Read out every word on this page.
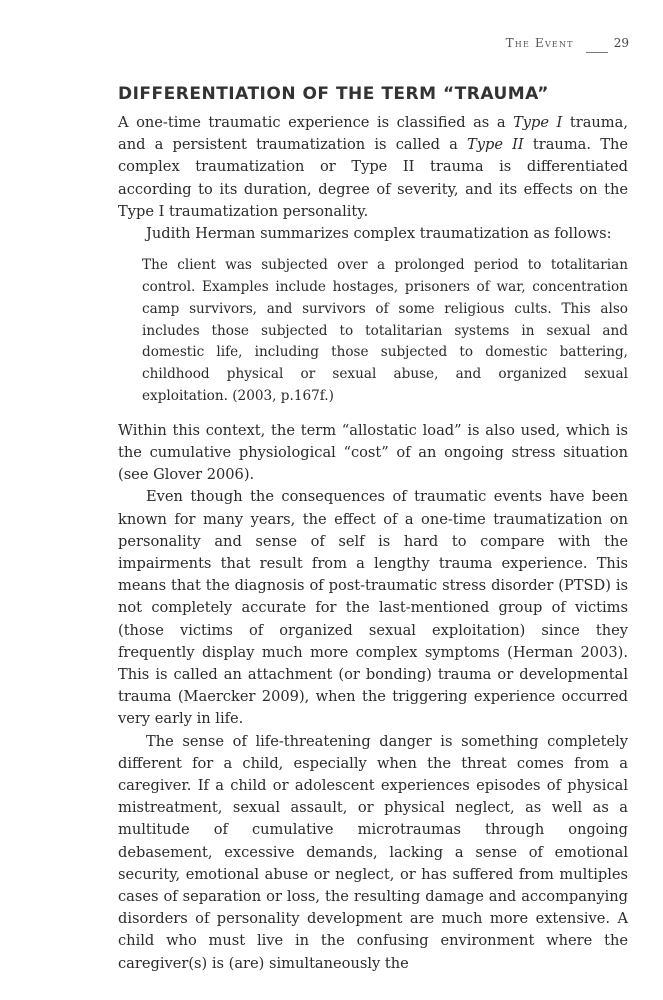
The Event	29
DIFFERENTIATION OF THE TERM “TRAUMA”

A one-time traumatic experience is classified as a Type I trauma, and a persistent traumatization is called a Type II trauma. The complex traumatization or Type II trauma is differentiated according to its duration, degree of severity, and its effects on the Type I traumatization personality.

Judith Herman summarizes complex traumatization as follows:

The client was subjected over a prolonged period to totalitarian control. Examples include hostages, prisoners of war, concentration camp survivors, and survivors of some religious cults. This also includes those subjected to totalitarian systems in sexual and domestic life, including those subjected to domestic battering, childhood physical or sexual abuse, and organized sexual exploitation. (2003, p.167f.)

Within this context, the term “allostatic load” is also used, which is the cumulative physiological “cost” of an ongoing stress situation (see Glover 2006).

Even though the consequences of traumatic events have been known for many years, the effect of a one-time traumatization on personality and sense of self is hard to compare with the impairments that result from a lengthy trauma experience. This means that the diagnosis of post-traumatic stress disorder (PTSD) is not completely accurate for the last-mentioned group of victims (those victims of organized sexual exploitation) since they frequently display much more complex symptoms (Herman 2003). This is called an attachment (or bonding) trauma or developmental trauma (Maercker 2009), when the triggering experience occurred very early in life.

The sense of life-threatening danger is something completely different for a child, especially when the threat comes from a caregiver. If a child or adolescent experiences episodes of physical mistreatment, sexual assault, or physical neglect, as well as a multitude of cumulative microtraumas through ongoing debasement, excessive demands, lacking a sense of emotional security, emotional abuse or neglect, or has suffered from multiples cases of separation or loss, the resulting damage and accompanying disorders of personality development are much more extensive. A child who must live in the confusing environment where the caregiver(s) is (are) simultaneously the
